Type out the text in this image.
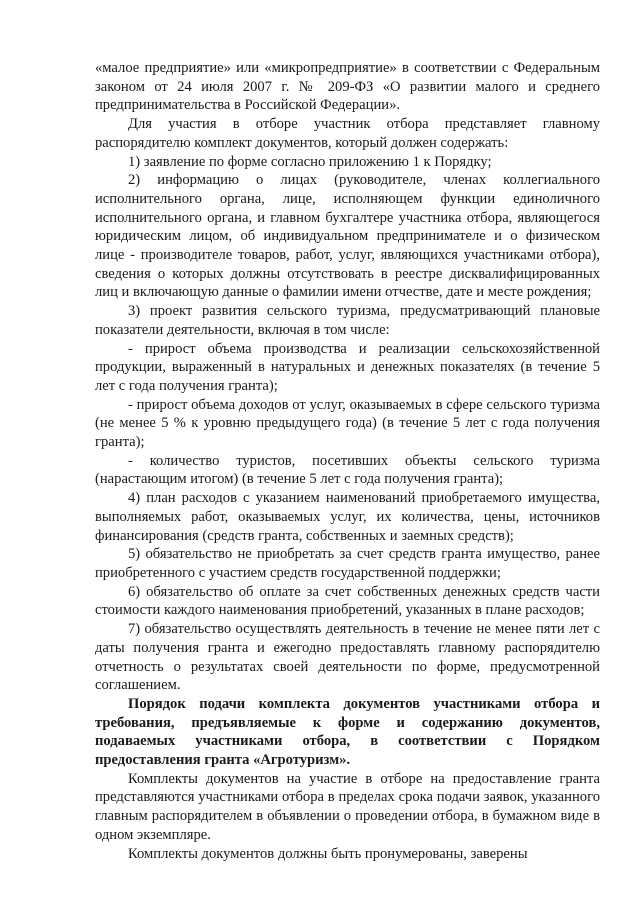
«малое предприятие» или «микропредприятие» в соответствии с Федеральным законом от 24 июля 2007 г. № 209-ФЗ «О развитии малого и среднего предпринимательства в Российской Федерации».

Для участия в отборе участник отбора представляет главному распорядителю комплект документов, который должен содержать:

1) заявление по форме согласно приложению 1 к Порядку;

2) информацию о лицах (руководителе, членах коллегиального исполнительного органа, лице, исполняющем функции единоличного исполнительного органа, и главном бухгалтере участника отбора, являющегося юридическим лицом, об индивидуальном предпринимателе и о физическом лице - производителе товаров, работ, услуг, являющихся участниками отбора), сведения о которых должны отсутствовать в реестре дисквалифицированных лиц и включающую данные о фамилии имени отчестве, дате и месте рождения;

3) проект развития сельского туризма, предусматривающий плановые показатели деятельности, включая в том числе:

- прирост объема производства и реализации сельскохозяйственной продукции, выраженный в натуральных и денежных показателях (в течение 5 лет с года получения гранта);

- прирост объема доходов от услуг, оказываемых в сфере сельского туризма (не менее 5 % к уровню предыдущего года) (в течение 5 лет с года получения гранта);

- количество туристов, посетивших объекты сельского туризма (нарастающим итогом) (в течение 5 лет с года получения гранта);

4) план расходов с указанием наименований приобретаемого имущества, выполняемых работ, оказываемых услуг, их количества, цены, источников финансирования (средств гранта, собственных и заемных средств);

5) обязательство не приобретать за счет средств гранта имущество, ранее приобретенного с участием средств государственной поддержки;

6) обязательство об оплате за счет собственных денежных средств части стоимости каждого наименования приобретений, указанных в плане расходов;

7) обязательство осуществлять деятельность в течение не менее пяти лет с даты получения гранта и ежегодно предоставлять главному распорядителю отчетность о результатах своей деятельности по форме, предусмотренной соглашением.

Порядок подачи комплекта документов участниками отбора и требования, предъявляемые к форме и содержанию документов, подаваемых участниками отбора, в соответствии с Порядком предоставления гранта «Агротуризм».

Комплекты документов на участие в отборе на предоставление гранта представляются участниками отбора в пределах срока подачи заявок, указанного главным распорядителем в объявлении о проведении отбора, в бумажном виде в одном экземпляре.

Комплекты документов должны быть пронумерованы, заверены
